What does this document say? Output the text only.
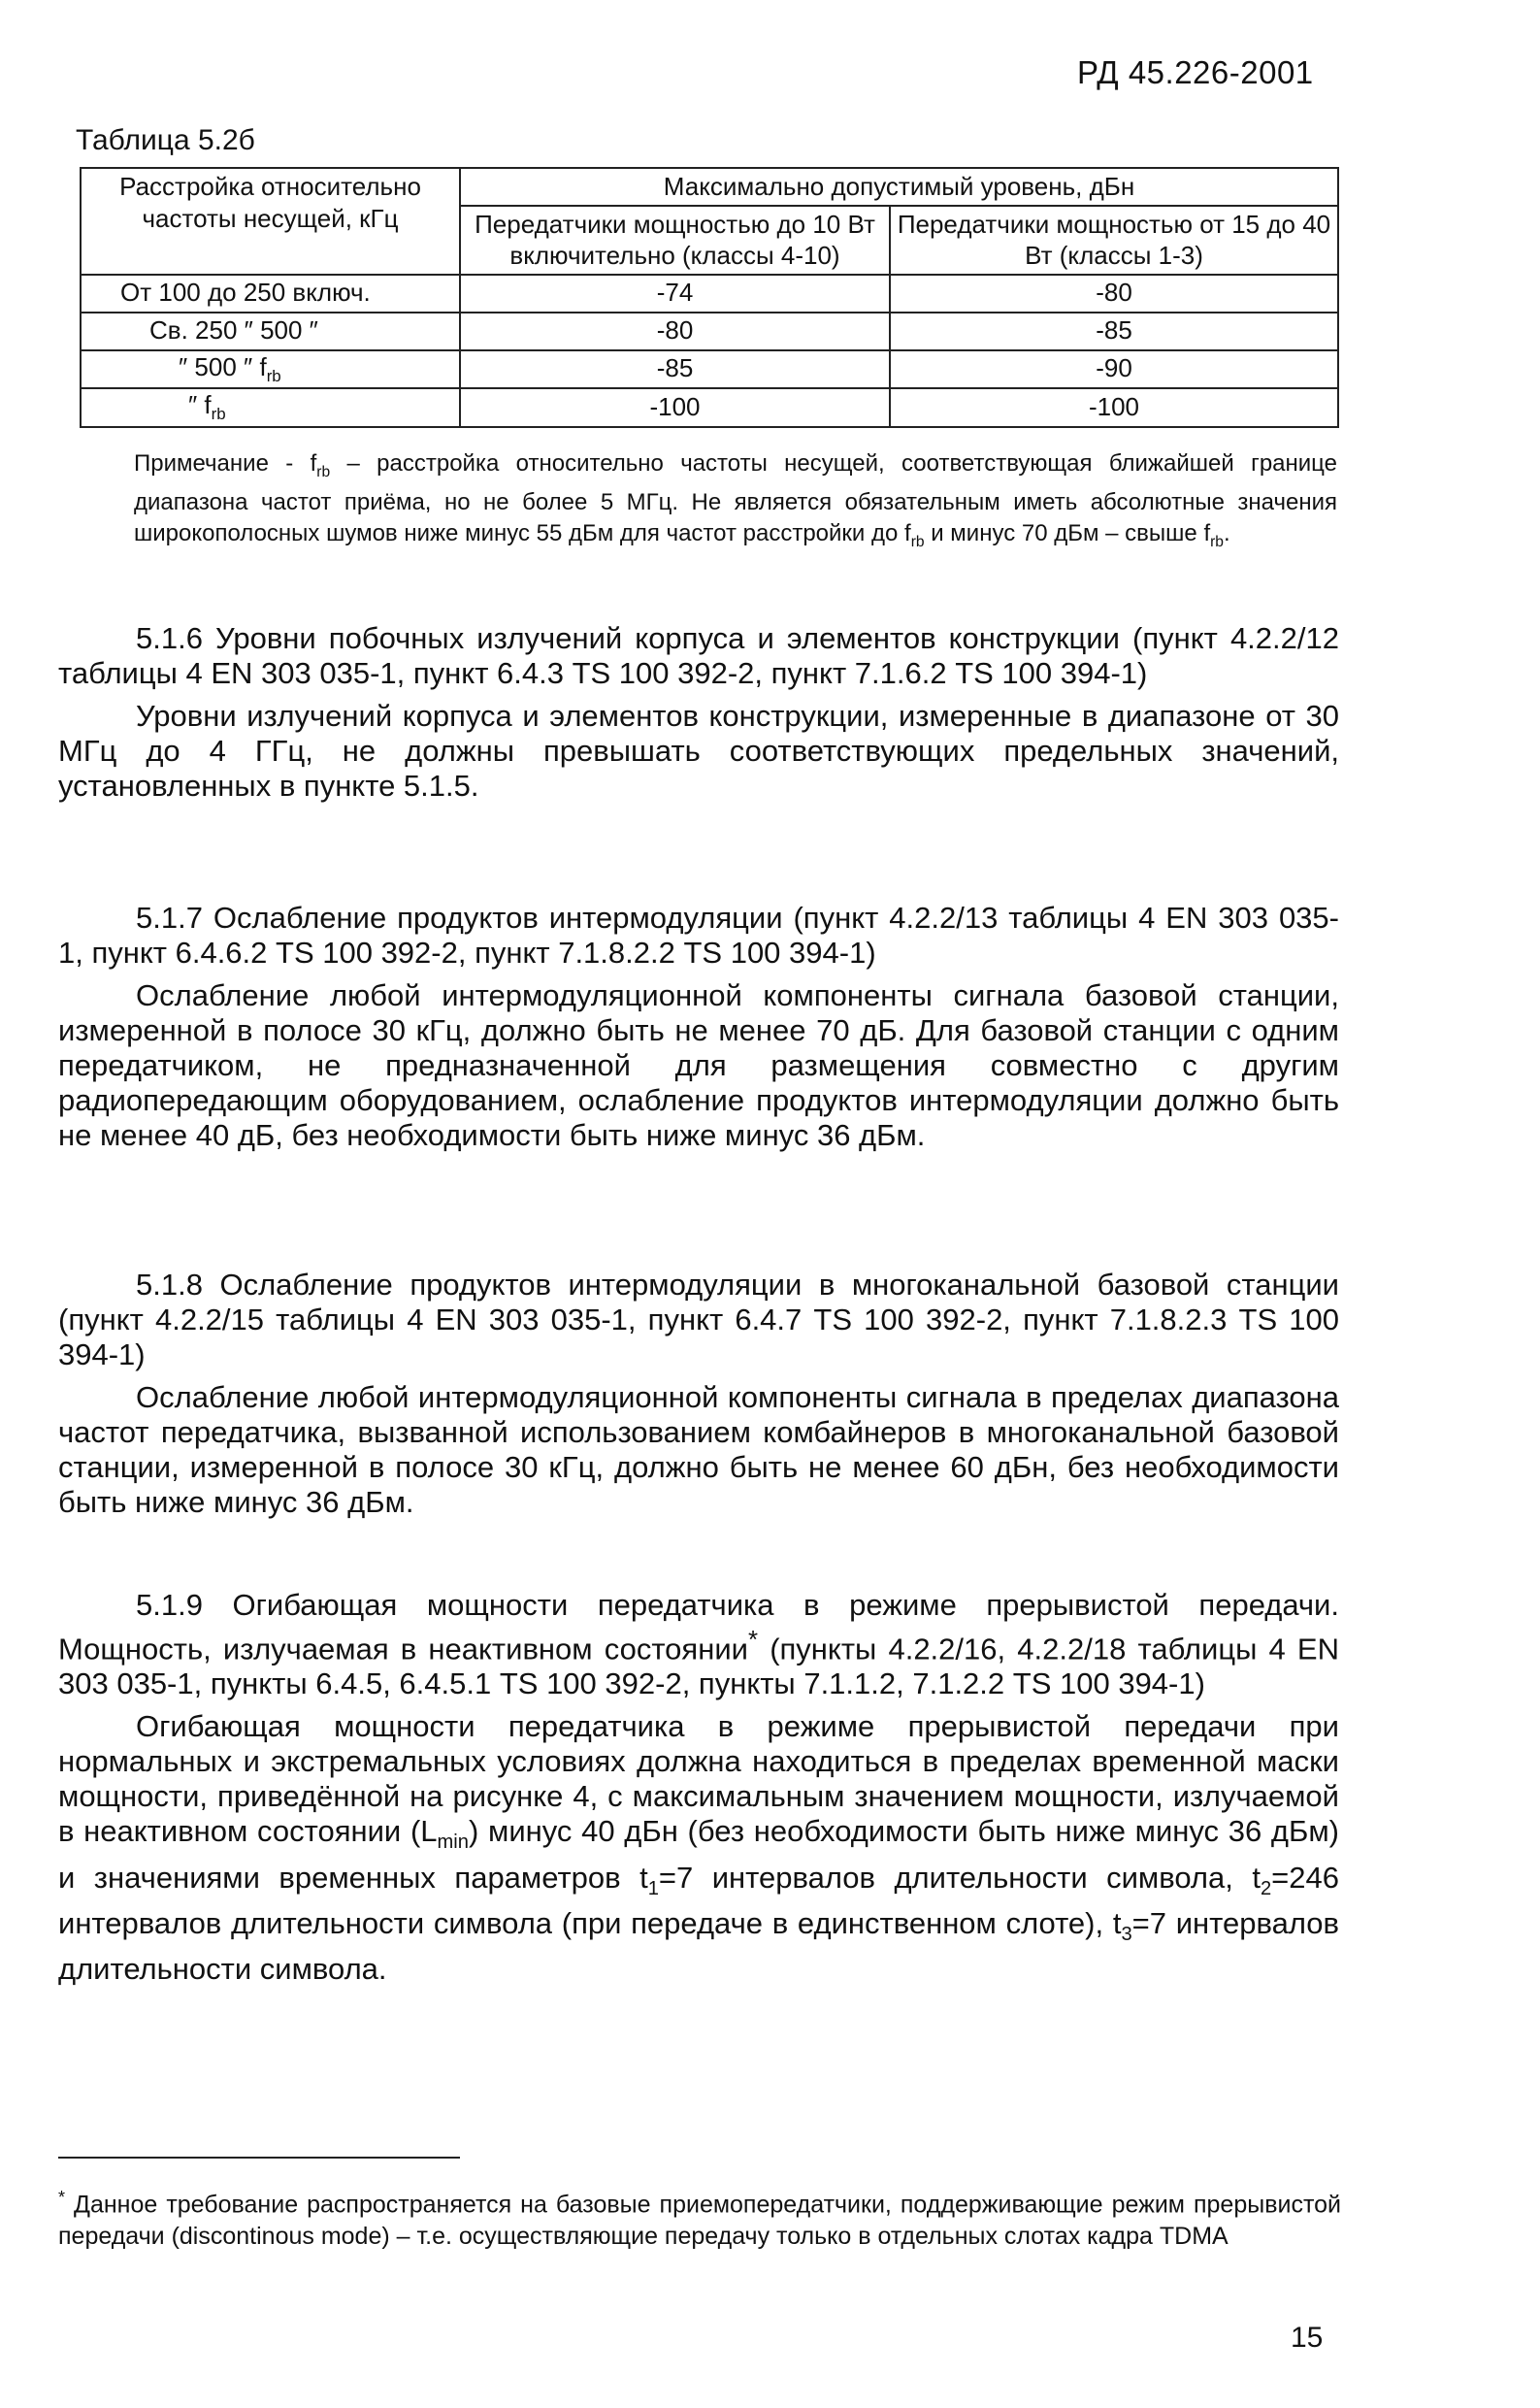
РД 45.226-2001
Таблица 5.2б
Расстройка относительно частоты несущей, кГц	Максимально допустимый уровень, дБн	
	Передатчики мощностью до 10 Вт включительно (классы 4-10)	Передатчики мощностью от 15 до 40 Вт (классы 1-3)
От 100 до 250 включ.	-74	-80
Св. 250 ″ 500 ″	-80	-85
″ 500 ″ $f_{rb}$	-85	-90
″ $f_{rb}$	-100	-100
Примечание - $f_{rb}$ – расстройка относительно частоты несущей, соответствующая ближайшей границе диапазона частот приёма, но не более 5 МГц. Не является обязательным иметь абсолютные значения широкополосных шумов ниже минус 55 дБм для частот расстройки до $f_{rb}$ и минус 70 дБм – свыше $f_{rb}$.

5.1.6 Уровни побочных излучений корпуса и элементов конструкции (пункт 4.2.2/12 таблицы 4 EN 303 035-1, пункт 6.4.3 TS 100 392-2, пункт 7.1.6.2 TS 100 394-1)

Уровни излучений корпуса и элементов конструкции, измеренные в диапазоне от 30 МГц до 4 ГГц, не должны превышать соответствующих предельных значений, установленных в пункте 5.1.5.

5.1.7 Ослабление продуктов интермодуляции (пункт 4.2.2/13 таблицы 4 EN 303 035-1, пункт 6.4.6.2 TS 100 392-2, пункт 7.1.8.2.2 TS 100 394-1)

Ослабление любой интермодуляционной компоненты сигнала базовой станции, измеренной в полосе 30 кГц, должно быть не менее 70 дБ. Для базовой станции с одним передатчиком, не предназначенной для размещения совместно с другим радиопередающим оборудованием, ослабление продуктов интермодуляции должно быть не менее 40 дБ, без необходимости быть ниже минус 36 дБм.

5.1.8 Ослабление продуктов интермодуляции в многоканальной базовой станции (пункт 4.2.2/15 таблицы 4 EN 303 035-1, пункт 6.4.7 TS 100 392-2, пункт 7.1.8.2.3 TS 100 394-1)

Ослабление любой интермодуляционной компоненты сигнала в пределах диапазона частот передатчика, вызванной использованием комбайнеров в многоканальной базовой станции, измеренной в полосе 30 кГц, должно быть не менее 60 дБн, без необходимости быть ниже минус 36 дБм.

5.1.9 Огибающая мощности передатчика в режиме прерывистой передачи. Мощность, излучаемая в неактивном состоянии* (пункты 4.2.2/16, 4.2.2/18 таблицы 4 EN 303 035-1, пункты 6.4.5, 6.4.5.1 TS 100 392-2, пункты 7.1.1.2, 7.1.2.2 TS 100 394-1)

Огибающая мощности передатчика в режиме прерывистой передачи при нормальных и экстремальных условиях должна находиться в пределах временной маски мощности, приведённой на рисунке 4, с максимальным значением мощности, излучаемой в неактивном состоянии $(L_{min})$ минус 40 дБн (без необходимости быть ниже минус 36 дБм) и значениями временных параметров $t_1=7$ интервалов длительности символа, $t_2=246$ интервалов длительности символа (при передаче в единственном слоте), $t_3=7$ интервалов длительности символа.

* Данное требование распространяется на базовые приемопередатчики, поддерживающие режим прерывистой передачи (discontinous mode) – т.е. осуществляющие передачу только в отдельных слотах кадра TDMA
15
